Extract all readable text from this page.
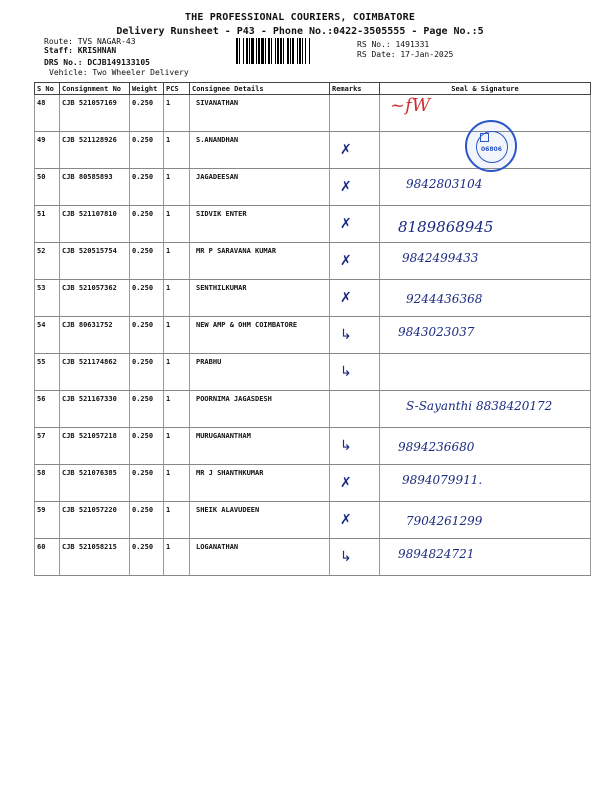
THE PROFESSIONAL COURIERS, COIMBATORE
Delivery Runsheet - P43 - Phone No.:0422-3505555 - Page No.:5
Route: TVS NAGAR-43
Staff: KRISHNAN
DRS No.: DCJB149133105
Vehicle: Two Wheeler Delivery
RS No.: 1491331
RS Date: 17-Jan-2025
S No	Consignment No	Weight	PCS	Consignee Details	Remarks	Seal & Signature
48	CJB 521057169	0.250	1	SIVANATHAN		

49	CJB 521128926	0.250	1	S.ANANDHAN	✗	

50	CJB 80585893	0.250	1	JAGADEESAN	✗	9842803104

51	CJB 521107810	0.250	1	SIDVIK ENTER	✗	8189868945

52	CJB 520515754	0.250	1	MR P SARAVANA KUMAR	✗	9842499433

53	CJB 521057362	0.250	1	SENTHILKUMAR	✗	9244436368

54	CJB 80631752	0.250	1	NEW AMP & OHM COIMBATORE	↳	9843023037

55	CJB 521174862	0.250	1	PRABHU	↳	

56	CJB 521167330	0.250	1	POORNIMA JAGASDESH		S-Sayanthi 8838420172

57	CJB 521057218	0.250	1	MURUGANANTHAM	↳	9894236680

58	CJB 521076385	0.250	1	MR J SHANTHKUMAR	✗	9894079911.

59	CJB 521057220	0.250	1	SHEIK ALAVUDEEN	✗	7904261299

60	CJB 521058215	0.250	1	LOGANATHAN	↳	9894824721
~fW
06806
